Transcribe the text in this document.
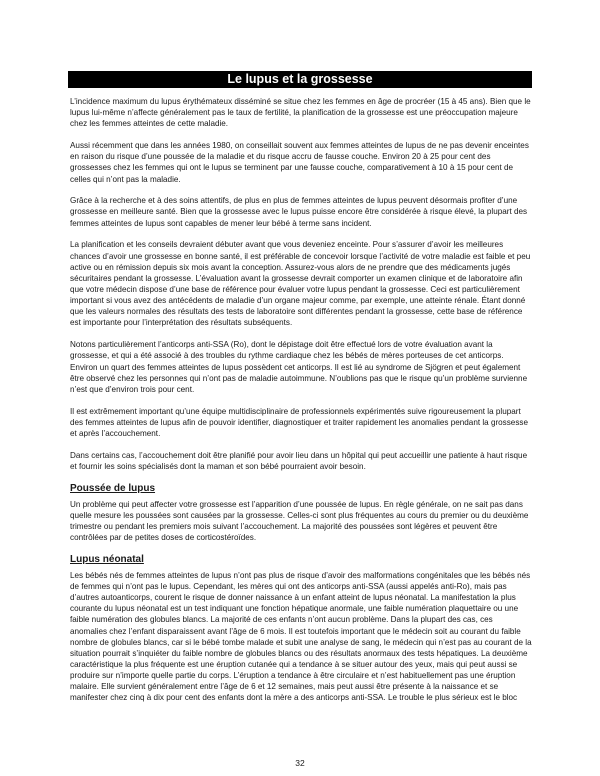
Le lupus et la grossesse

L’incidence maximum du lupus érythémateux disséminé se situe chez les femmes en âge de procréer (15 à 45 ans). Bien que le lupus lui-même n’affecte généralement pas le taux de fertilité, la planification de la grossesse est une préoccupation majeure chez les femmes atteintes de cette maladie.

Aussi récemment que dans les années 1980, on conseillait souvent aux femmes atteintes de lupus de ne pas devenir enceintes en raison du risque d’une poussée de la maladie et du risque accru de fausse couche. Environ 20 à 25 pour cent des grossesses chez les femmes qui ont le lupus se terminent par une fausse couche, comparativement à 10 à 15 pour cent de celles qui n’ont pas la maladie.

Grâce à la recherche et à des soins attentifs, de plus en plus de femmes atteintes de lupus peuvent désormais profiter d’une grossesse en meilleure santé. Bien que la grossesse avec le lupus puisse encore être considérée à risque élevé, la plupart des femmes atteintes de lupus sont capables de mener leur bébé à terme sans incident.

La planification et les conseils devraient débuter avant que vous deveniez enceinte. Pour s’assurer d’avoir les meilleures chances d’avoir une grossesse en bonne santé, il est préférable de concevoir lorsque l’activité de votre maladie est faible et peu active ou en rémission depuis six mois avant la conception. Assurez-vous alors de ne prendre que des médicaments jugés sécuritaires pendant la grossesse. L’évaluation avant la grossesse devrait comporter un examen clinique et de laboratoire afin que votre médecin dispose d’une base de référence pour évaluer votre lupus pendant la grossesse. Ceci est particulièrement important si vous avez des antécédents de maladie d’un organe majeur comme, par exemple, une atteinte rénale. Étant donné que les valeurs normales des résultats des tests de laboratoire sont différentes pendant la grossesse, cette base de référence est importante pour l’interprétation des résultats subséquents.

Notons particulièrement l’anticorps anti-SSA (Ro), dont le dépistage doit être effectué lors de votre évaluation avant la grossesse, et qui a été associé à des troubles du rythme cardiaque chez les bébés de mères porteuses de cet anticorps. Environ un quart des femmes atteintes de lupus possèdent cet anticorps. Il est lié au syndrome de Sjögren et peut également être observé chez les personnes qui n’ont pas de maladie autoimmune. N’oublions pas que le risque qu’un problème survienne n’est que d’environ trois pour cent.

Il est extrêmement important qu’une équipe multidisciplinaire de professionnels expérimentés suive rigoureusement la plupart des femmes atteintes de lupus afin de pouvoir identifier, diagnostiquer et traiter rapidement les anomalies pendant la grossesse et après l’accouchement.

Dans certains cas, l’accouchement doit être planifié pour avoir lieu dans un hôpital qui peut accueillir une patiente à haut risque et fournir les soins spécialisés dont la maman et son bébé pourraient avoir besoin.

Poussée de lupus

Un problème qui peut affecter votre grossesse est l’apparition d’une poussée de lupus. En règle générale, on ne sait pas dans quelle mesure les poussées sont causées par la grossesse. Celles-ci sont plus fréquentes au cours du premier ou du deuxième trimestre ou pendant les premiers mois suivant l’accouchement. La majorité des poussées sont légères et peuvent être contrôlées par de petites doses de corticostéroïdes.

Lupus néonatal

Les bébés nés de femmes atteintes de lupus n’ont pas plus de risque d’avoir des malformations congénitales que les bébés nés de femmes qui n’ont pas le lupus. Cependant, les mères qui ont des anticorps anti-SSA (aussi appelés anti-Ro), mais pas d’autres autoanticorps, courent le risque de donner naissance à un enfant atteint de lupus néonatal. La manifestation la plus courante du lupus néonatal est un test indiquant une fonction hépatique anormale, une faible numération plaquettaire ou une faible numération des globules blancs. La majorité de ces enfants n’ont aucun problème. Dans la plupart des cas, ces anomalies chez l’enfant disparaissent avant l’âge de 6 mois. Il est toutefois important que le médecin soit au courant du faible nombre de globules blancs, car si le bébé tombe malade et subit une analyse de sang, le médecin qui n’est pas au courant de la situation pourrait s’inquiéter du faible nombre de globules blancs ou des résultats anormaux des tests hépatiques. La deuxième caractéristique la plus fréquente est une éruption cutanée qui a tendance à se situer autour des yeux, mais qui peut aussi se produire sur n’importe quelle partie du corps. L’éruption a tendance à être circulaire et n’est habituellement pas une éruption malaire. Elle survient généralement entre l’âge de 6 et 12 semaines, mais peut aussi être présente à la naissance et se manifester chez cinq à dix pour cent des enfants dont la mère a des anticorps anti-SSA. Le trouble le plus sérieux est le bloc

32
